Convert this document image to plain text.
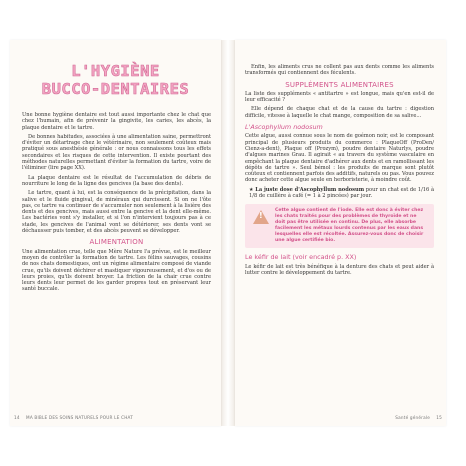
L'HYGIÈNE
BUCCO-DENTAIRES

Une bonne hygiène dentaire est tout aussi importante chez le chat que chez l'humain, afin de prévenir la gingivite, les caries, les abcès, la plaque dentaire et le tartre.

De bonnes habitudes, associées à une alimentation saine, permettront d'éviter un détartrage chez le vétérinaire, non seulement coûteux mais pratiqué sous anesthésie générale : or nous connaissons tous les effets secondaires et les risques de cette intervention. Il existe pourtant des méthodes naturelles permettant d'éviter la formation du tartre, voire de l'éliminer (lire page XX).

La plaque dentaire est le résultat de l'accumulation de débris de nourriture le long de la ligne des gencives (la base des dents).

Le tartre, quant à lui, est la conséquence de la précipitation, dans la salive et le fluide gingival, de minéraux qui durcissent. Si on ne l'ôte pas, ce tartre va continuer de s'accumuler non seulement à la lisière des dents et des gencives, mais aussi entre la gencive et la dent elle-même. Les bactéries vont s'y installer, et si l'on n'intervient toujours pas à ce stade, les gencives de l'animal vont se détériorer, ses dents vont se déchausser puis tomber, et des abcès peuvent se développer.

ALIMENTATION

Une alimentation crue, telle que Mère Nature l'a prévue, est le meilleur moyen de contrôler la formation de tartre. Les félins sauvages, cousins de nos chats domestiques, ont un régime alimentaire composé de viande crue, qu'ils doivent déchirer et mastiquer vigoureusement, et d'os ou de leurs proies, qu'ils doivent broyer. La friction de la chair crue contre leurs dents leur permet de les garder propres tout en préservant leur santé buccale.

14 MA BIBLE DES SOINS NATURELS POUR LE CHAT

Enfin, les aliments crus ne collent pas aux dents comme les aliments transformés qui contiennent des féculents.

SUPPLÉMENTS ALIMENTAIRES

La liste des suppléments « antitartre » est longue, mais qu'en est-il de leur efficacité ?

Elle dépend de chaque chat et de la cause du tartre : digestion difficile, vitesse à laquelle le chat mange, composition de sa salive...

L'Ascophyllum nodosum

Cette algue, aussi connue sous le nom de goémon noir, est le composant principal de plusieurs produits du commerce : PlaqueOff (ProDen/ Cienz-a-dent), Plaque off (Prozym), poudre dentaire Naturlys, poudre d'algues marines Grau. Il agirait « au travers du système vasculaire en empêchant la plaque dentaire d'adhérer aux dents et en ramollissant les dépôts de tartre ». Seul bémol : les produits de marque sont plutôt coûteux et contiennent parfois des additifs, naturels ou pas. Vous pouvez donc acheter cette algue seule en herboristerie, à moindre coût.

★ La juste dose d'Ascophyllum nodosum pour un chat est de 1/16 à 1/8 de cuillère à café (= 1 à 2 pincées) par jour.

!
Cette algue contient de l'iode. Elle est donc à éviter chez les chats traités pour des problèmes de thyroïde et ne doit pas être utilisée en continu. De plus, elle absorbe facilement les métaux lourds contenus par les eaux dans lesquelles elle est récoltée. Assurez-vous donc de choisir une algue certifiée bio.
Le kéfir de lait (voir encadré p. XX)

Le kéfir de lait est très bénéfique à la denture des chats et peut aider à lutter contre le développement du tartre.

Santé générale 15
